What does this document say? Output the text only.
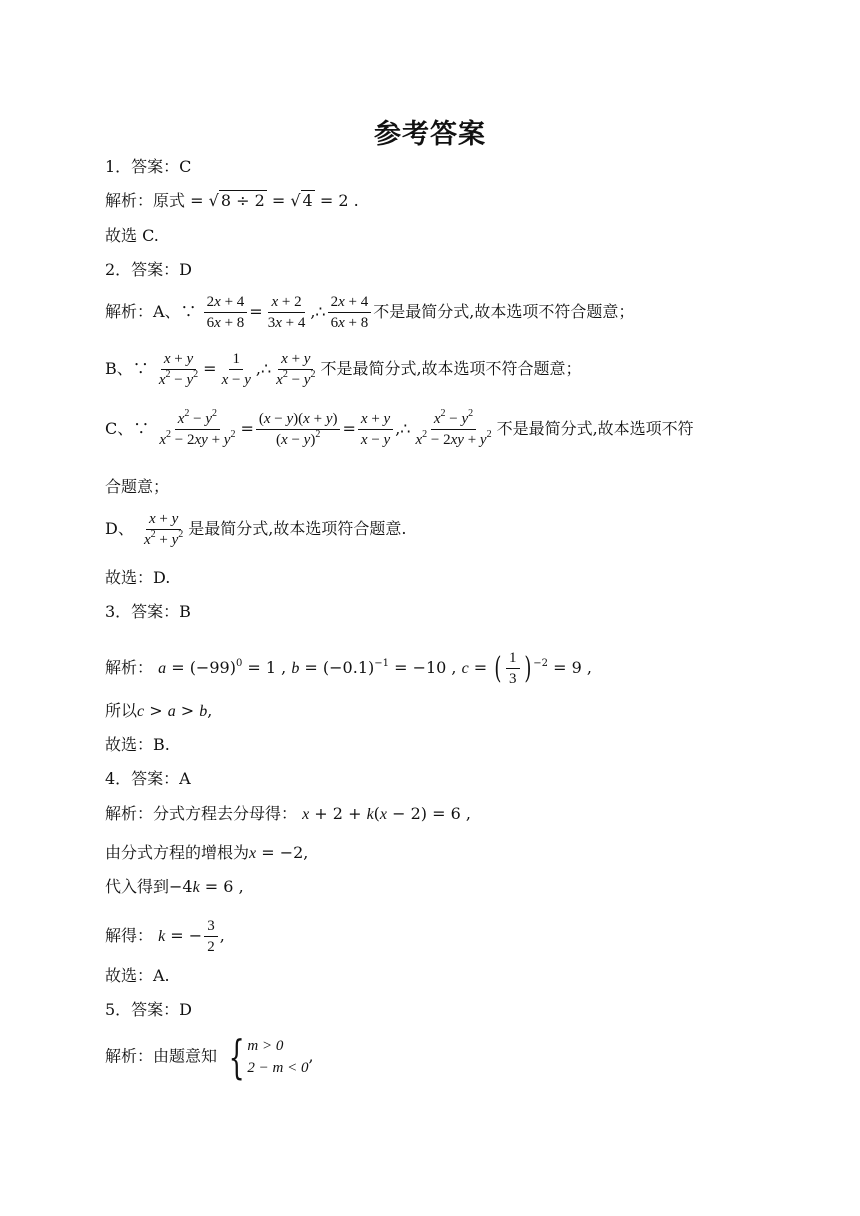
参考答案
1．答案：C
解析：原式 = √ 8 ÷ 2 = √ 4 = 2 .
故选 C.
2．答案：D
解析：A、∵ $\frac{2x + 4}{6x + 8} = \frac{x + 2}{3x + 4}$ ,∴ $\frac{2x + 4}{6x + 8}$ 不是最简分式,故本选项不符合题意；
B、∵ $\frac{x + y}{x^2 - y^2} = \frac{1}{x - y}$ ,∴ $\frac{x + y}{x^2 - y^2}$ 不是最简分式,故本选项不符合题意；
C、∵ $\frac{x^2 - y^2}{x^2 - 2xy + y^2} = \frac{(x - y)(x + y)}{(x - y)^2} = \frac{x + y}{x - y}$ ,∴ $\frac{x^2 - y^2}{x^2 - 2xy + y^2}$ 不是最简分式,故本选项不符
合题意；
D、 $\frac{x + y}{x^2 + y^2}$ 是最简分式,故本选项符合题意.
故选：D.
3．答案：B
解析： $a = (-99)^0 = 1$ , $b = (-0.1)^{-1} = -10$ , c = ( $\frac{1}{3}$ ) $^{-2}$ = 9 ,
所以c > a > b,
故选：B.
4．答案：A
解析：分式方程去分母得： x + 2 + k(x − 2) = 6 ,
由分式方程的增根为x = −2,
代入得到−4k = 6 ,
解得： k = − $\frac{3}{2}$ ,
故选：A.
5．答案：D
解析：由题意知 { m > 0
2 − m < 0
,
